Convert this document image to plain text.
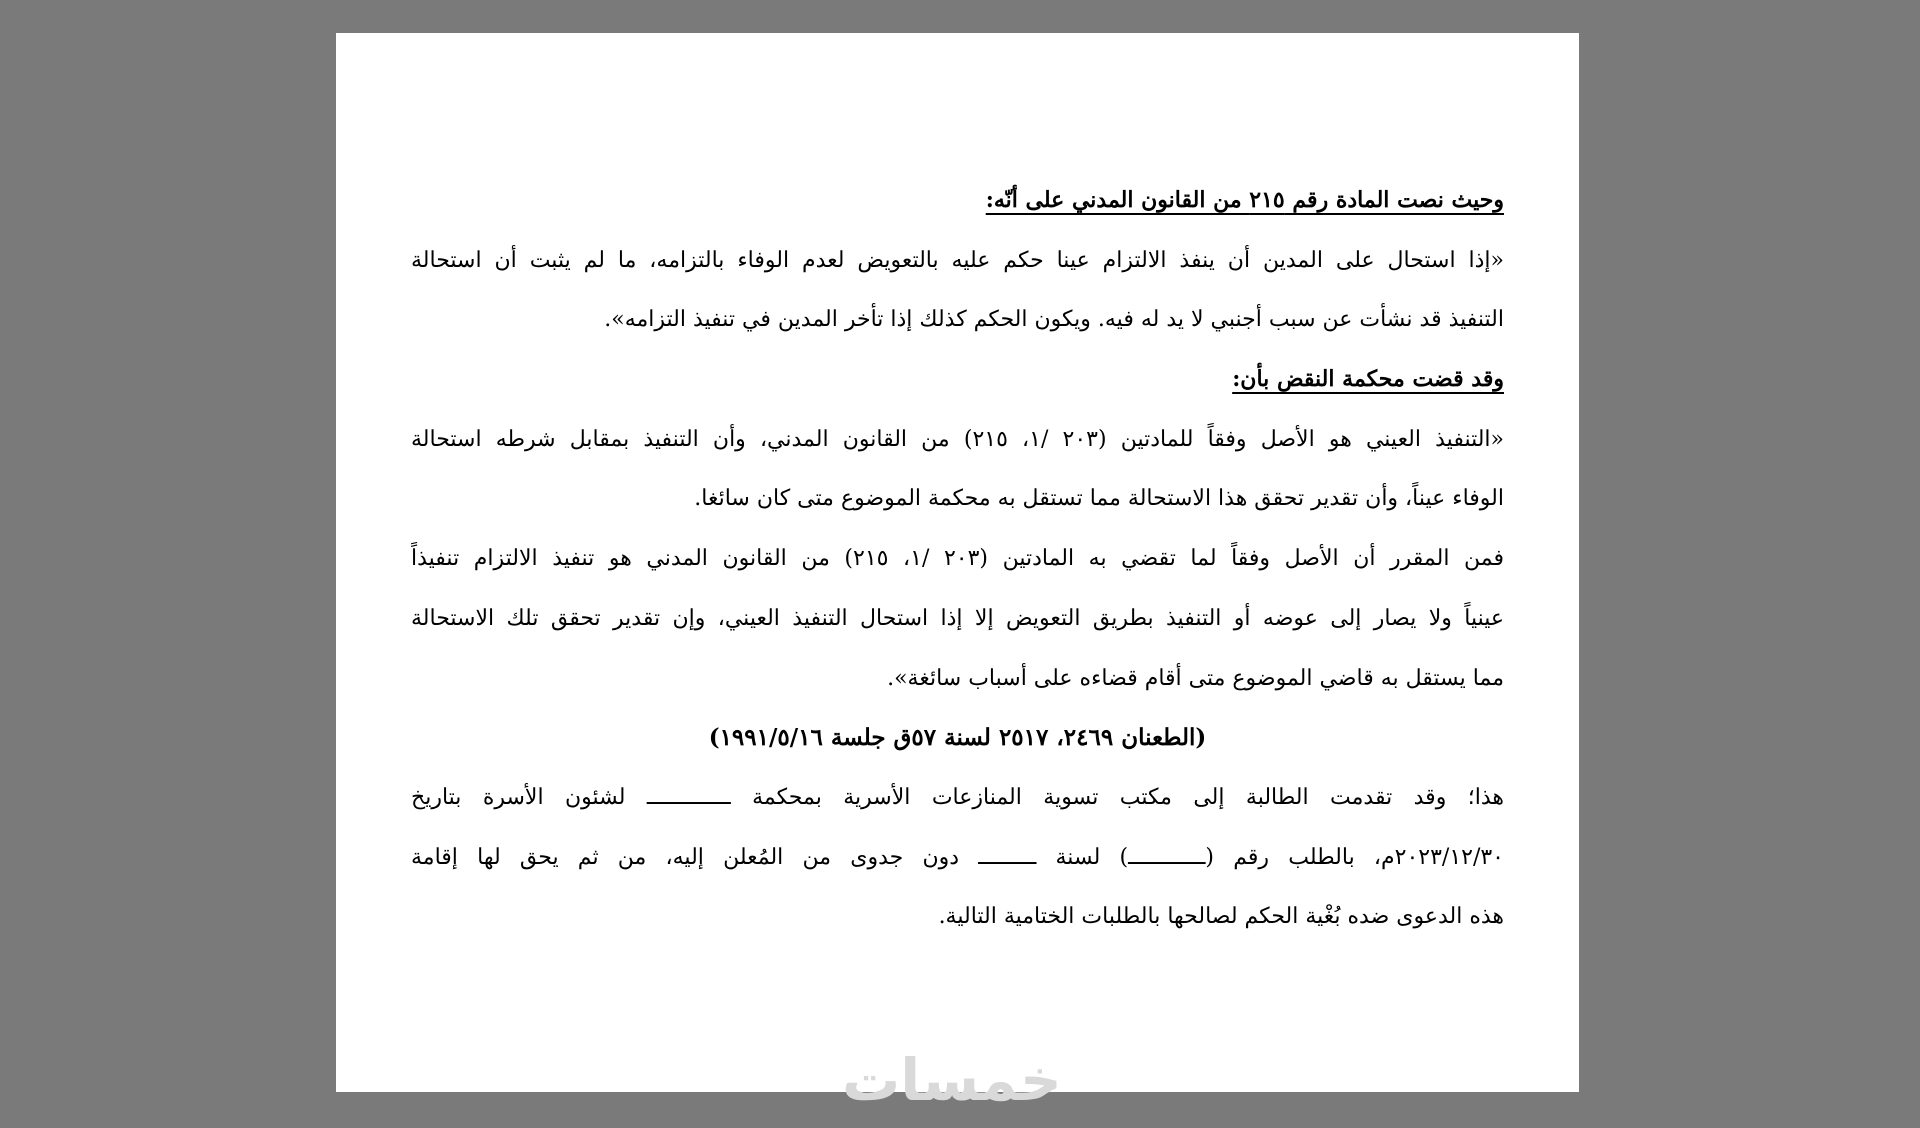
وحيث نصت المادة رقم ٢١٥ من القانون المدني على أنّه:
«إذا استحال على المدين أن ينفذ الالتزام عينا حكم عليه بالتعويض لعدم الوفاء بالتزامه، ما لم يثبت أن استحالة
التنفيذ قد نشأت عن سبب أجنبي لا يد له فيه. ويكون الحكم كذلك إذا تأخر المدين في تنفيذ التزامه».
وقد قضت محكمة النقض بأن:
«التنفيذ العيني هو الأصل وفقاً للمادتين (٢٠٣ /١، ٢١٥) من القانون المدني، وأن التنفيذ بمقابل شرطه استحالة
الوفاء عيناً، وأن تقدير تحقق هذا الاستحالة مما تستقل به محكمة الموضوع متى كان سائغا.
فمن المقرر أن الأصل وفقاً لما تقضي به المادتين (٢٠٣ /١، ٢١٥) من القانون المدني هو تنفيذ الالتزام تنفيذاً
عينياً ولا يصار إلى عوضه أو التنفيذ بطريق التعويض إلا إذا استحال التنفيذ العيني، وإن تقدير تحقق تلك الاستحالة
مما يستقل به قاضي الموضوع متى أقام قضاءه على أسباب سائغة».
(الطعنان ٢٤٦٩، ٢٥١٧ لسنة ٥٧ق جلسة ١٩٩١/٥/١٦)
هذا؛ وقد تقدمت الطالبة إلى مكتب تسوية المنازعات الأسرية بمحكمة ـــــــــــــ لشئون الأسرة بتاريخ
٢٠٢٣/١٢/٣٠م، بالطلب رقم (ــــــــــــ) لسنة ـــــــــ دون جدوى من المُعلن إليه، من ثم يحق لها إقامة
هذه الدعوى ضده بُغْية الحكم لصالحها بالطلبات الختامية التالية.
خمسات
